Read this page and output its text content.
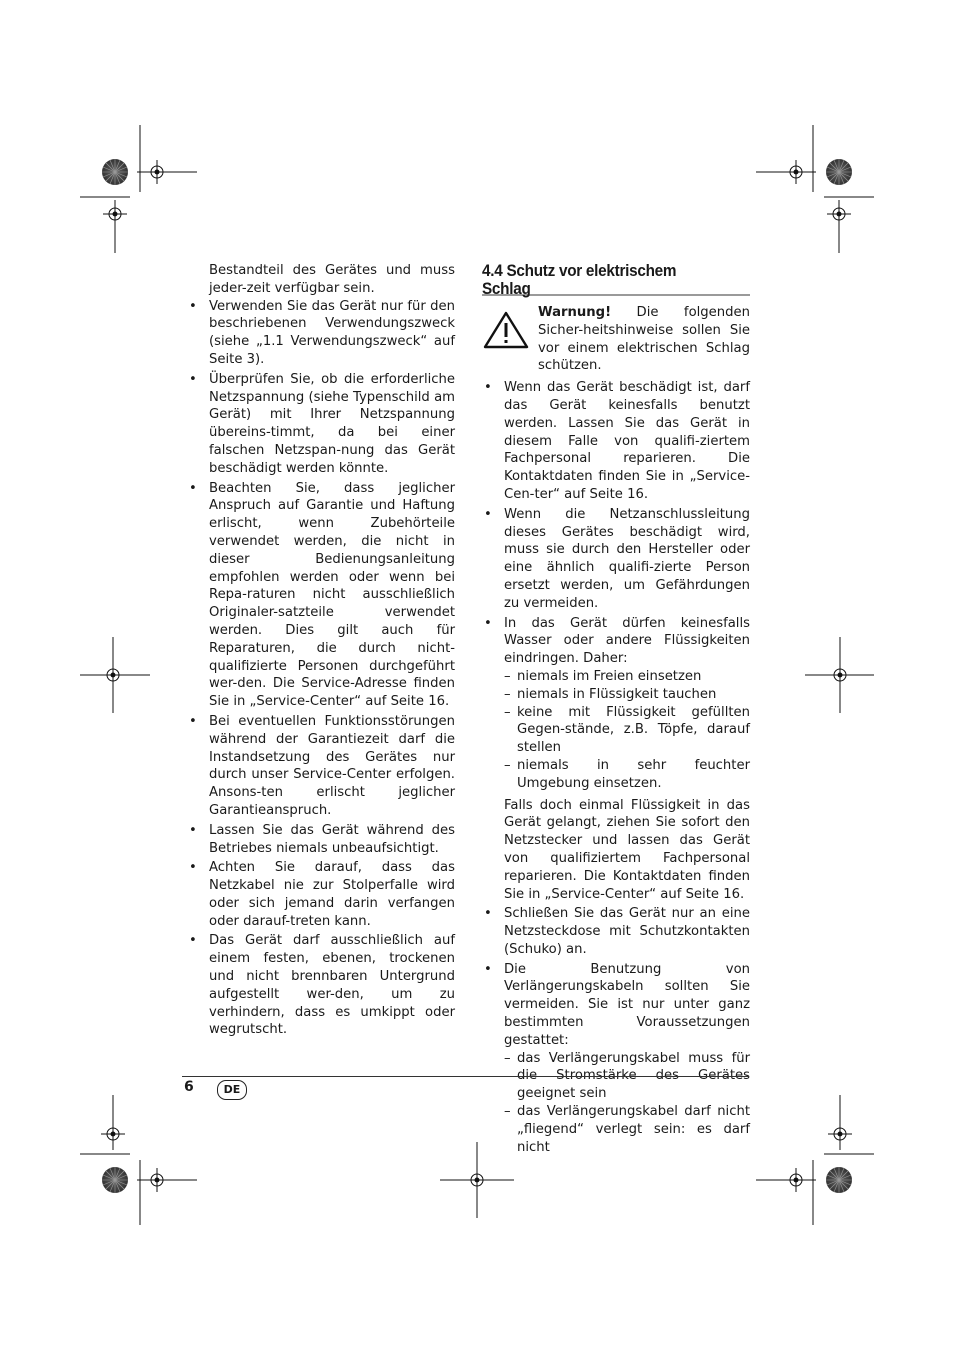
Bestandteil des Gerätes und muss jeder-zeit verfügbar sein.

• Verwenden Sie das Gerät nur für den beschriebenen Verwendungszweck (siehe „1.1 Verwendungszweck“ auf Seite 3).
• Überprüfen Sie, ob die erforderliche Netzspannung (siehe Typenschild am Gerät) mit Ihrer Netzspannung übereins-timmt, da bei einer falschen Netzspan-nung das Gerät beschädigt werden könnte.
• Beachten Sie, dass jeglicher Anspruch auf Garantie und Haftung erlischt, wenn Zubehörteile verwendet werden, die nicht in dieser Bedienungsanleitung empfohlen werden oder wenn bei Repa-raturen nicht ausschließlich Originaler-satzteile verwendet werden. Dies gilt auch für Reparaturen, die durch nicht-qualifizierte Personen durchgeführt wer-den. Die Service-Adresse finden Sie in „Service-Center“ auf Seite 16.
• Bei eventuellen Funktionsstörungen während der Garantiezeit darf die Instandsetzung des Gerätes nur durch unser Service-Center erfolgen. Ansons-ten erlischt jeglicher Garantieanspruch.
• Lassen Sie das Gerät während des Betriebes niemals unbeaufsichtigt.
• Achten Sie darauf, dass das Netzkabel nie zur Stolperfalle wird oder sich jemand darin verfangen oder darauf-treten kann.
• Das Gerät darf ausschließlich auf einem festen, ebenen, trockenen und nicht brennbaren Untergrund aufgestellt wer-den, um zu verhindern, dass es umkippt oder wegrutscht.
4.4 Schutz vor elektrischem Schlag
Warnung! Die folgenden Sicher-heitshinweise sollen Sie vor einem elektrischen Schlag schützen.
• Wenn das Gerät beschädigt ist, darf das Gerät keinesfalls benutzt werden. Lassen Sie das Gerät in diesem Falle von qualifi-ziertem Fachpersonal reparieren. Die Kontaktdaten finden Sie in „Service-Cen-ter“ auf Seite 16.
• Wenn die Netzanschlussleitung dieses Gerätes beschädigt wird, muss sie durch den Hersteller oder eine ähnlich qualifi-zierte Person ersetzt werden, um Gefährdungen zu vermeiden.
• In das Gerät dürfen keinesfalls Wasser oder andere Flüssigkeiten eindringen. Daher:
– niemals im Freien einsetzen
– niemals in Flüssigkeit tauchen
– keine mit Flüssigkeit gefüllten Gegen-stände, z.B. Töpfe, darauf stellen
– niemals in sehr feuchter Umgebung einsetzen.

Falls doch einmal Flüssigkeit in das Gerät gelangt, ziehen Sie sofort den Netzstecker und lassen das Gerät von qualifiziertem Fachpersonal reparieren. Die Kontaktdaten finden Sie in „Service-Center“ auf Seite 16.

• Schließen Sie das Gerät nur an eine Netzsteckdose mit Schutzkontakten (Schuko) an.
• Die Benutzung von Verlängerungskabeln sollten Sie vermeiden. Sie ist nur unter ganz bestimmten Voraussetzungen gestattet:
– das Verlängerungskabel muss für die Stromstärke des Gerätes geeignet sein
– das Verlängerungskabel darf nicht „fliegend“ verlegt sein: es darf nicht
6	DE
